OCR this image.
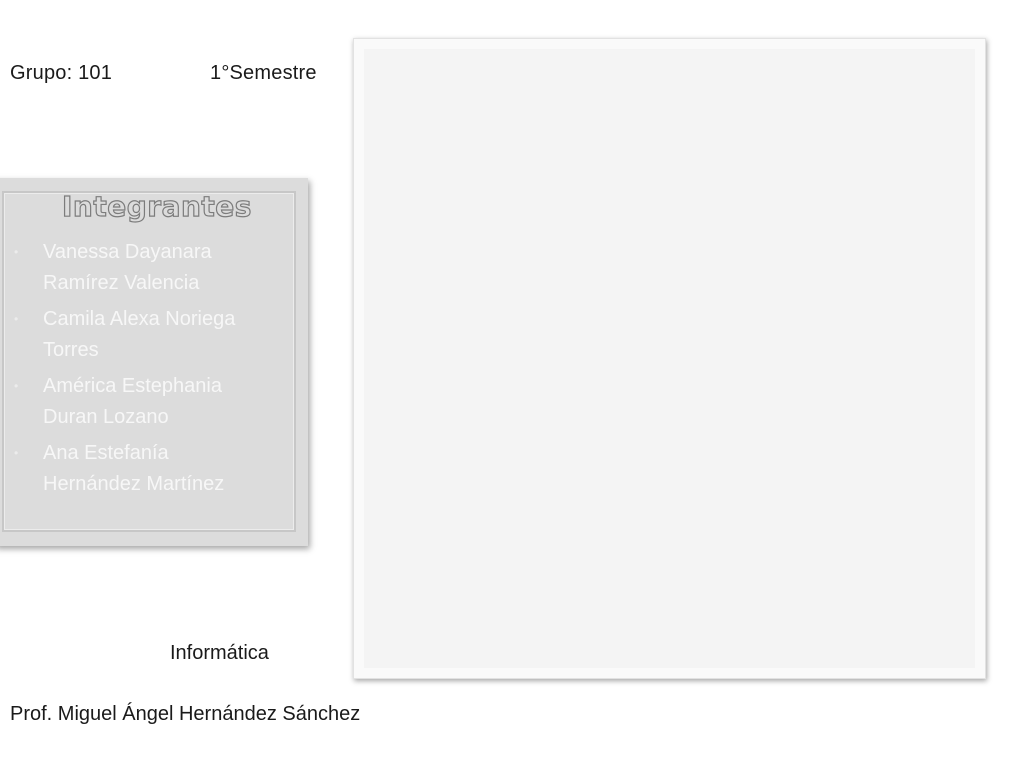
Grupo: 101	1°Semestre
Integrantes
• Vanessa Dayanara
Ramírez Valencia
• Camila Alexa Noriega
Torres
• América Estephania
Duran Lozano
• Ana Estefanía
Hernández Martínez
Informática
Prof. Miguel Ángel Hernández Sánchez
